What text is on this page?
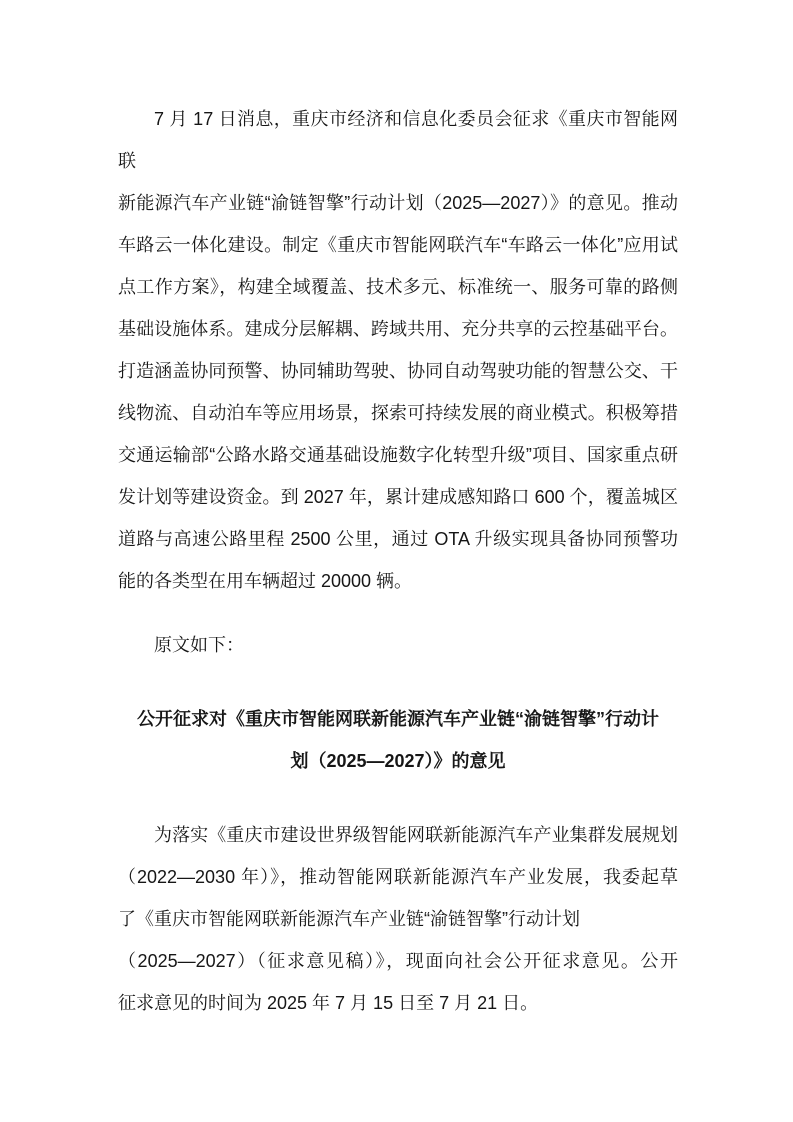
7 月 17 日消息，重庆市经济和信息化委员会征求《重庆市智能网联
新能源汽车产业链“渝链智擎”行动计划（2025—2027）》的意见。推动
车路云一体化建设。制定《重庆市智能网联汽车“车路云一体化”应用试
点工作方案》，构建全域覆盖、技术多元、标准统一、服务可靠的路侧
基础设施体系。建成分层解耦、跨域共用、充分共享的云控基础平台。
打造涵盖协同预警、协同辅助驾驶、协同自动驾驶功能的智慧公交、干
线物流、自动泊车等应用场景，探索可持续发展的商业模式。积极筹措
交通运输部“公路水路交通基础设施数字化转型升级”项目、国家重点研
发计划等建设资金。到 2027 年，累计建成感知路口 600 个，覆盖城区
道路与高速公路里程 2500 公里，通过 OTA 升级实现具备协同预警功
能的各类型在用车辆超过 20000 辆。
原文如下：
公开征求对《重庆市智能网联新能源汽车产业链“渝链智擎”行动计
划（2025—2027）》的意见
为落实《重庆市建设世界级智能网联新能源汽车产业集群发展规划
（2022—2030 年）》，推动智能网联新能源汽车产业发展，我委起草
了《重庆市智能网联新能源汽车产业链“渝链智擎”行动计划
（2025—2027）（征求意见稿）》，现面向社会公开征求意见。公开
征求意见的时间为 2025 年 7 月 15 日至 7 月 21 日。
